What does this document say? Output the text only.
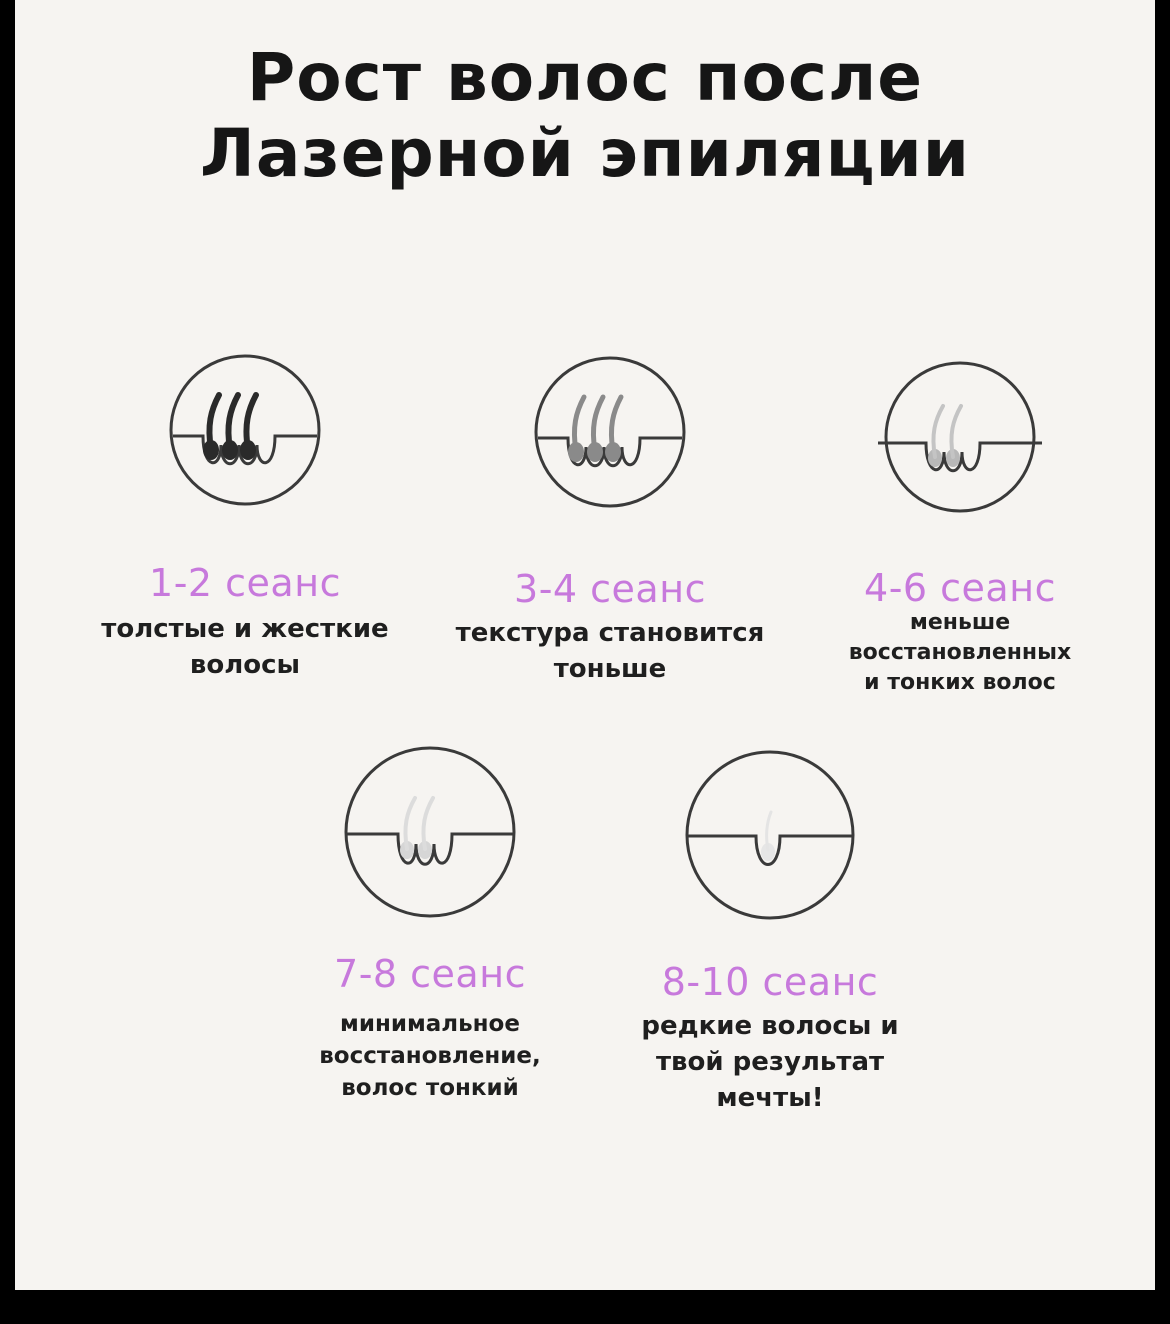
Рост волос после
Лазерной эпиляции
1-2 сеанс
толстые и жесткие
волосы
3-4 сеанс
текстура становится
тоньше
4-6 сеанс
меньше
восстановленных
и тонких волос
7-8 сеанс
минимальное
восстановление,
волос тонкий
8-10 сеанс
редкие волосы и
твой результат
мечты!
